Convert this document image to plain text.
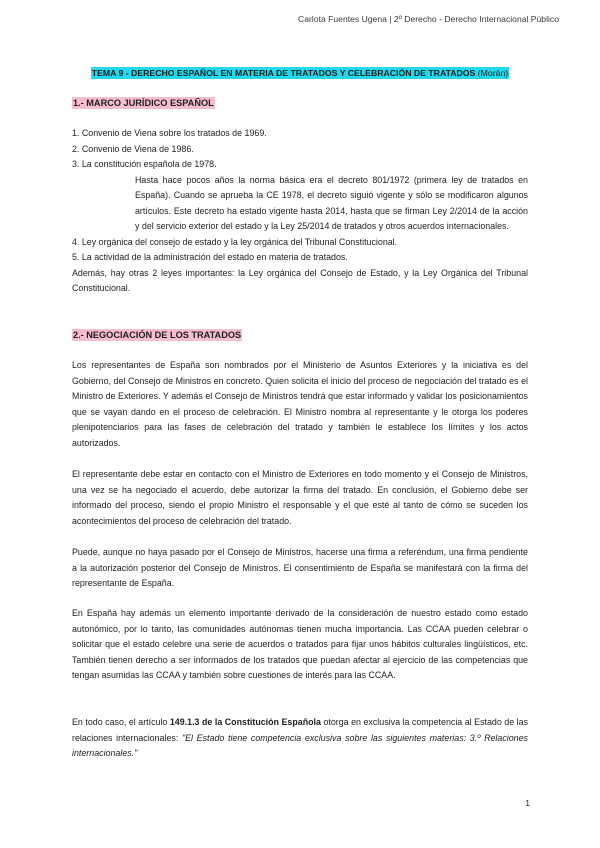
Carlota Fuentes Ugena | 2º Derecho - Derecho Internacional Público
TEMA 9 - DERECHO ESPAÑOL EN MATERIA DE TRATADOS Y CELEBRACIÓN DE TRATADOS (Morán)
1.- MARCO JURÍDICO ESPAÑOL

1. Convenio de Viena sobre los tratados de 1969.

2. Convenio de Viena de 1986.

3. La constitución española de 1978.

Hasta hace pocos años la norma básica era el decreto 801/1972 (primera ley de tratados en España). Cuando se aprueba la CE 1978, el decreto siguió vigente y sólo se modificaron algunos artículos. Este decreto ha estado vigente hasta 2014, hasta que se firman Ley 2/2014 de la acción y del servicio exterior del estado y la Ley 25/2014 de tratados y otros acuerdos internacionales.

4. Ley orgánica del consejo de estado y la ley orgánica del Tribunal Constitucional.

5. La actividad de la administración del estado en materia de tratados.

Además, hay otras 2 leyes importantes: la Ley orgánica del Consejo de Estado, y la Ley Orgánica del Tribunal Constitucional.

2.- NEGOCIACIÓN DE LOS TRATADOS

Los representantes de España son nombrados por el Ministerio de Asuntos Exteriores y la iniciativa es del Gobierno, del Consejo de Ministros en concreto. Quien solicita el inicio del proceso de negociación del tratado es el Ministro de Exteriores. Y además el Consejo de Ministros tendrá que estar informado y validar los posicionamientos que se vayan dando en el proceso de celebración. El Ministro nombra al representante y le otorga los poderes plenipotenciarios para las fases de celebración del tratado y también le establece los límites y los actos autorizados.

El representante debe estar en contacto con el Ministro de Exteriores en todo momento y el Consejo de Ministros, una vez se ha negociado el acuerdo, debe autorizar la firma del tratado. En conclusión, el Gobierno debe ser informado del proceso, siendo el propio Ministro el responsable y el que esté al tanto de cómo se suceden los acontecimientos del proceso de celebración del tratado.

Puede, aunque no haya pasado por el Consejo de Ministros, hacerse una firma a referéndum, una firma pendiente a la autorización posterior del Consejo de Ministros. El consentimiento de España se manifestará con la firma del representante de España.

En España hay además un elemento importante derivado de la consideración de nuestro estado como estado autonómico, por lo tanto, las comunidades autónomas tienen mucha importancia. Las CCAA pueden celebrar o solicitar que el estado celebre una serie de acuerdos o tratados para fijar unos hábitos culturales lingüísticos, etc. También tienen derecho a ser informados de los tratados que puedan afectar al ejercicio de las competencias que tengan asumidas las CCAA y también sobre cuestiones de interés para las CCAA.

En todo caso, el artículo 149.1.3 de la Constitución Española otorga en exclusiva la competencia al Estado de las relaciones internacionales: "El Estado tiene competencia exclusiva sobre las siguientes materias: 3.º Relaciones internacionales."

1
